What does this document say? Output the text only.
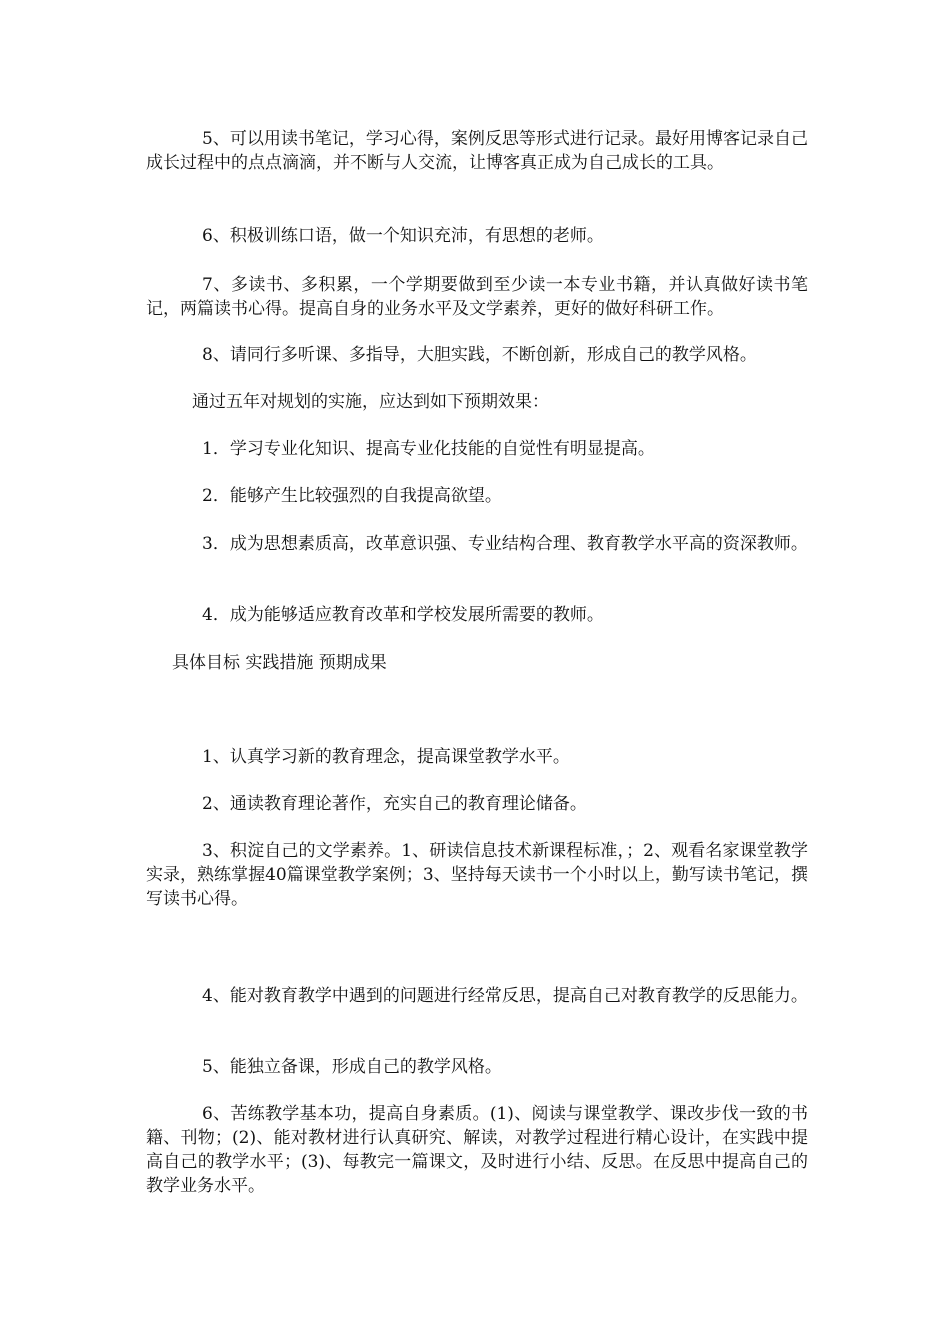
5、可以用读书笔记，学习心得，案例反思等形式进行记录。最好用博客记录自己成长过程中的点点滴滴，并不断与人交流，让博客真正成为自己成长的工具。

6、积极训练口语，做一个知识充沛，有思想的老师。

7、多读书、多积累，一个学期要做到至少读一本专业书籍，并认真做好读书笔记，两篇读书心得。提高自身的业务水平及文学素养，更好的做好科研工作。

8、请同行多听课、多指导，大胆实践，不断创新，形成自己的教学风格。

通过五年对规划的实施，应达到如下预期效果：

1．学习专业化知识、提高专业化技能的自觉性有明显提高。

2．能够产生比较强烈的自我提高欲望。

3．成为思想素质高，改革意识强、专业结构合理、教育教学水平高的资深教师。

4．成为能够适应教育改革和学校发展所需要的教师。

具体目标 实践措施 预期成果

1、认真学习新的教育理念，提高课堂教学水平。

2、通读教育理论著作，充实自己的教育理论储备。

3、积淀自己的文学素养。1、研读信息技术新课程标准，；2、观看名家课堂教学实录，熟练掌握40篇课堂教学案例；3、坚持每天读书一个小时以上，勤写读书笔记，撰写读书心得。

4、能对教育教学中遇到的问题进行经常反思，提高自己对教育教学的反思能力。

5、能独立备课，形成自己的教学风格。

6、苦练教学基本功，提高自身素质。(1)、阅读与课堂教学、课改步伐一致的书籍、刊物；(2)、能对教材进行认真研究、解读，对教学过程进行精心设计，在实践中提高自己的教学水平；(3)、每教完一篇课文，及时进行小结、反思。在反思中提高自己的教学业务水平。
